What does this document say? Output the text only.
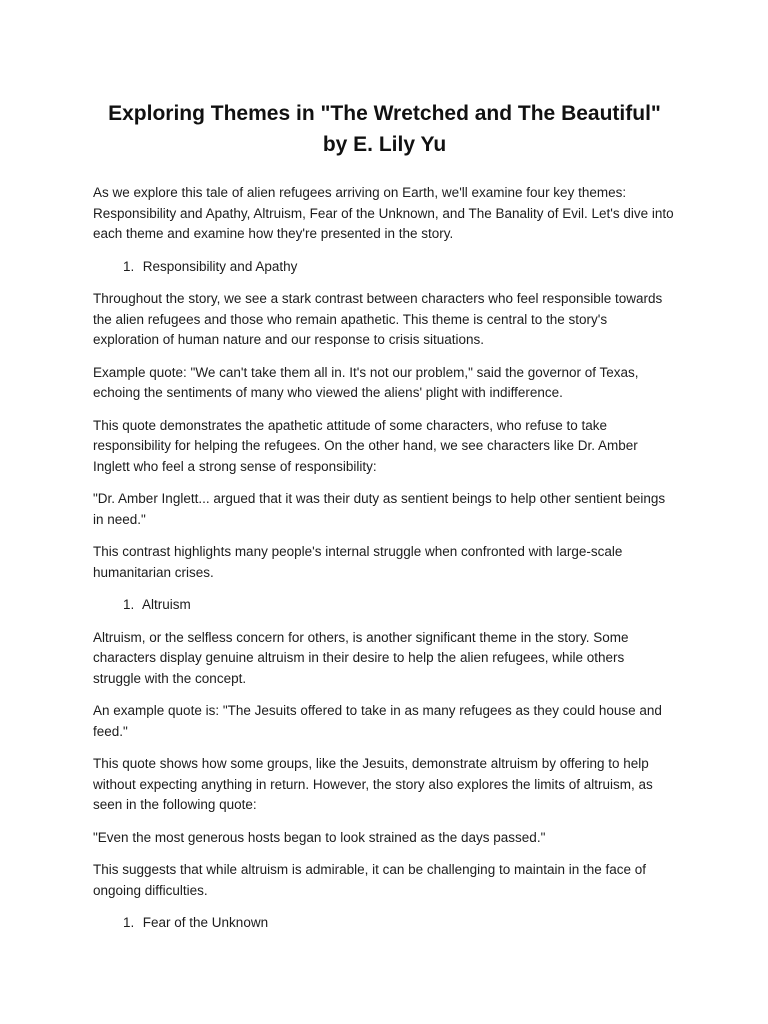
Exploring Themes in "The Wretched and The Beautiful" by E. Lily Yu

As we explore this tale of alien refugees arriving on Earth, we'll examine four key themes: Responsibility and Apathy, Altruism, Fear of the Unknown, and The Banality of Evil. Let's dive into each theme and examine how they're presented in the story.

1. Responsibility and Apathy

Throughout the story, we see a stark contrast between characters who feel responsible towards the alien refugees and those who remain apathetic. This theme is central to the story's exploration of human nature and our response to crisis situations.

Example quote: "We can't take them all in. It's not our problem," said the governor of Texas, echoing the sentiments of many who viewed the aliens' plight with indifference.

This quote demonstrates the apathetic attitude of some characters, who refuse to take responsibility for helping the refugees. On the other hand, we see characters like Dr. Amber Inglett who feel a strong sense of responsibility:

"Dr. Amber Inglett... argued that it was their duty as sentient beings to help other sentient beings in need."

This contrast highlights many people's internal struggle when confronted with large-scale humanitarian crises.

1. Altruism

Altruism, or the selfless concern for others, is another significant theme in the story. Some characters display genuine altruism in their desire to help the alien refugees, while others struggle with the concept.

An example quote is: "The Jesuits offered to take in as many refugees as they could house and feed."

This quote shows how some groups, like the Jesuits, demonstrate altruism by offering to help without expecting anything in return. However, the story also explores the limits of altruism, as seen in the following quote:

"Even the most generous hosts began to look strained as the days passed."

This suggests that while altruism is admirable, it can be challenging to maintain in the face of ongoing difficulties.

1. Fear of the Unknown
